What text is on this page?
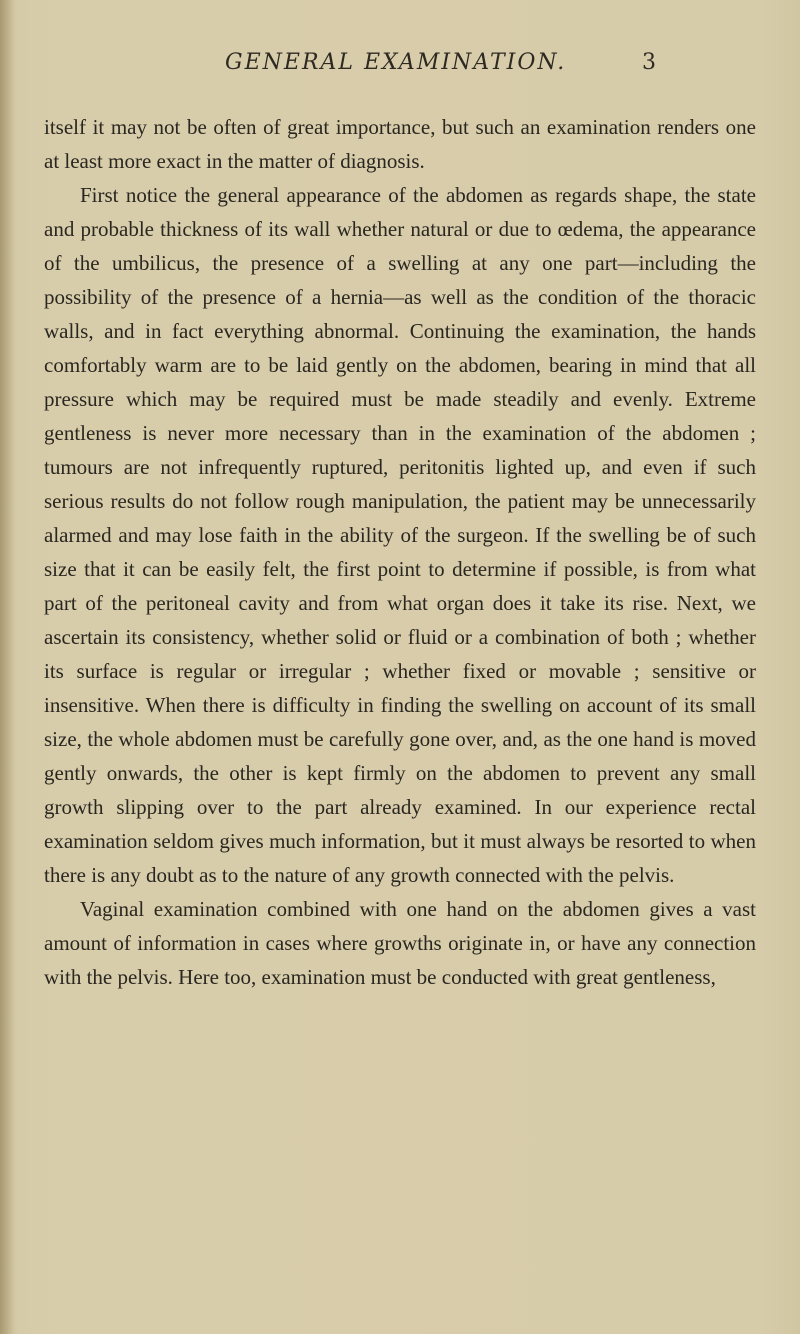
GENERAL EXAMINATION.	3

itself it may not be often of great importance, but such an examination renders one at least more exact in the matter of diagnosis.

First notice the general appearance of the abdomen as regards shape, the state and probable thickness of its wall whether natural or due to œdema, the appearance of the umbilicus, the presence of a swelling at any one part—including the possibility of the presence of a hernia—as well as the condition of the thoracic walls, and in fact everything abnormal. Continuing the examination, the hands comfortably warm are to be laid gently on the abdomen, bearing in mind that all pressure which may be required must be made steadily and evenly. Extreme gentleness is never more necessary than in the examination of the abdomen ; tumours are not infrequently ruptured, peritonitis lighted up, and even if such serious results do not follow rough manipulation, the patient may be unnecessarily alarmed and may lose faith in the ability of the surgeon. If the swelling be of such size that it can be easily felt, the first point to determine if possible, is from what part of the peritoneal cavity and from what organ does it take its rise. Next, we ascertain its consistency, whether solid or fluid or a combination of both ; whether its surface is regular or irregular ; whether fixed or movable ; sensitive or insensitive. When there is difficulty in finding the swelling on account of its small size, the whole abdomen must be carefully gone over, and, as the one hand is moved gently onwards, the other is kept firmly on the abdomen to prevent any small growth slipping over to the part already examined. In our experience rectal examination seldom gives much information, but it must always be resorted to when there is any doubt as to the nature of any growth connected with the pelvis.

Vaginal examination combined with one hand on the abdomen gives a vast amount of information in cases where growths originate in, or have any connection with the pelvis. Here too, examination must be conducted with great gentleness,
